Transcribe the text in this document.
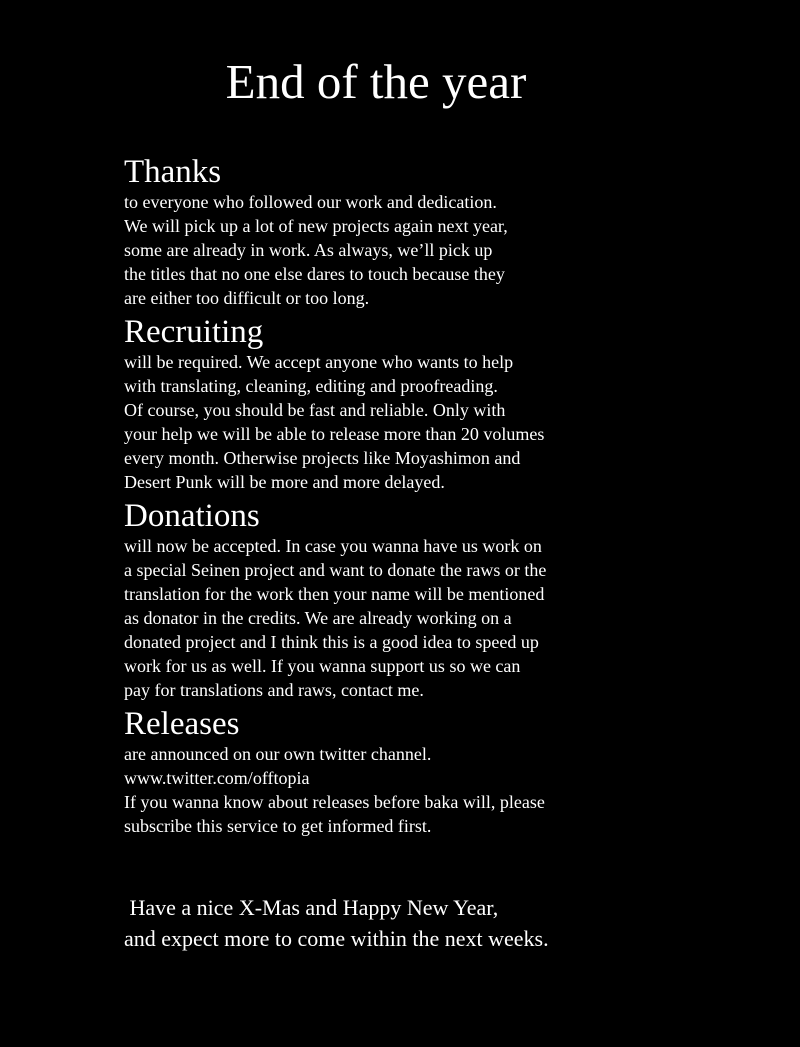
End of the year
Thanks

to everyone who followed our work and dedication.

We will pick up a lot of new projects again next year,

some are already in work. As always, we’ll pick up

the titles that no one else dares to touch because they

are either too difficult or too long.

Recruiting

will be required. We accept anyone who wants to help

with translating, cleaning, editing and proofreading.

Of course, you should be fast and reliable. Only with

your help we will be able to release more than 20 volumes

every month. Otherwise projects like Moyashimon and

Desert Punk will be more and more delayed.

Donations

will now be accepted. In case you wanna have us work on

a special Seinen project and want to donate the raws or the

translation for the work then your name will be mentioned

as donator in the credits. We are already working on a

donated project and I think this is a good idea to speed up

work for us as well. If you wanna support us so we can

pay for translations and raws, contact me.

Releases

are announced on our own twitter channel.

www.twitter.com/offtopia

If you wanna know about releases before baka will, please

subscribe this service to get informed first.

Have a nice X-Mas and Happy New Year,

and expect more to come within the next weeks.
